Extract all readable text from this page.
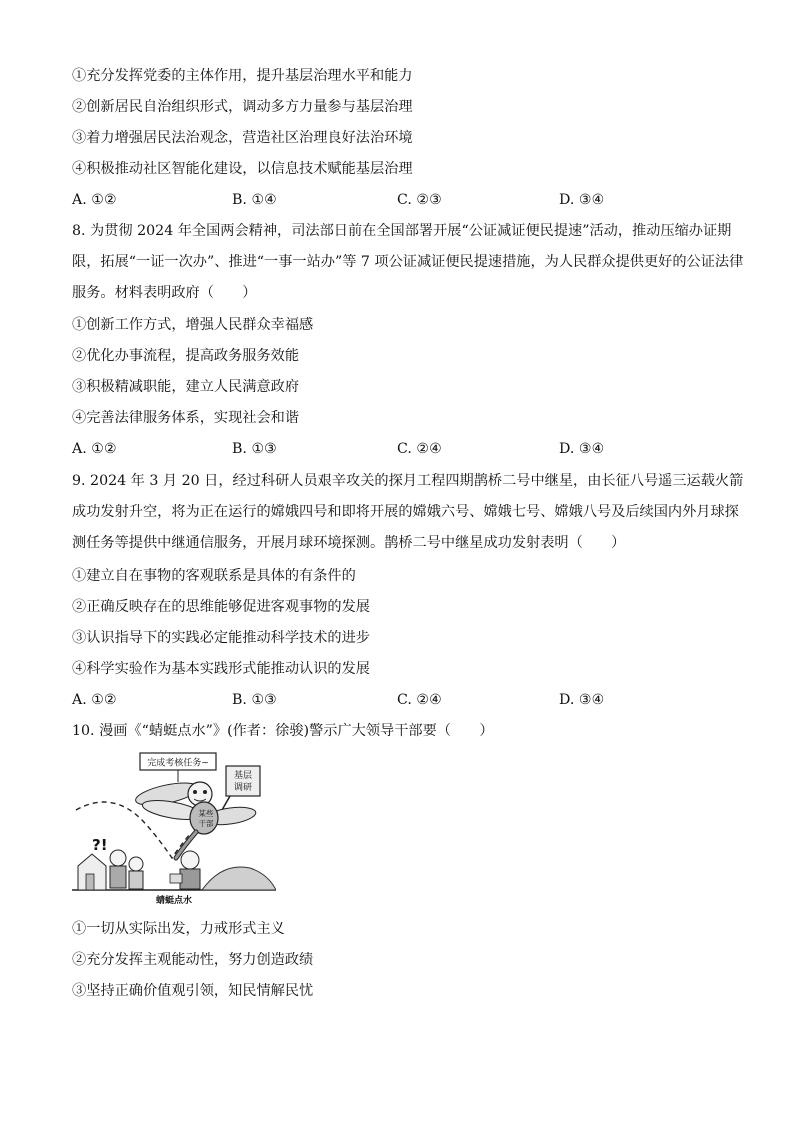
①充分发挥党委的主体作用，提升基层治理水平和能力
②创新居民自治组织形式，调动多方力量参与基层治理
③着力增强居民法治观念，营造社区治理良好法治环境
④积极推动社区智能化建设，以信息技术赋能基层治理
A. ①②	B. ①④	C. ②③	D. ③④
8. 为贯彻 2024 年全国两会精神，司法部日前在全国部署开展“公证减证便民提速”活动，推动压缩办证期限，拓展“一证一次办”、推进“一事一站办”等 7 项公证减证便民提速措施，为人民群众提供更好的公证法律服务。材料表明政府（　　）
①创新工作方式，增强人民群众幸福感
②优化办事流程，提高政务服务效能
③积极精减职能，建立人民满意政府
④完善法律服务体系，实现社会和谐
A. ①②	B. ①③	C. ②④	D. ③④
9. 2024 年 3 月 20 日，经过科研人员艰辛攻关的探月工程四期鹊桥二号中继星，由长征八号遥三运载火箭成功发射升空，将为正在运行的嫦娥四号和即将开展的嫦娥六号、嫦娥七号、嫦娥八号及后续国内外月球探测任务等提供中继通信服务，开展月球环境探测。鹊桥二号中继星成功发射表明（　　）
①建立自在事物的客观联系是具体的有条件的
②正确反映存在的思维能够促进客观事物的发展
③认识指导下的实践必定能推动科学技术的进步
④科学实验作为基本实践形式能推动认识的发展
A. ①②	B. ①③	C. ②④	D. ③④
10. 漫画《“蜻蜓点水”》(作者：徐骏)警示广大领导干部要（　　）
完成考核任务~
基层
调研
某些
干部
?!
蜻蜓点水
①一切从实际出发，力戒形式主义
②充分发挥主观能动性，努力创造政绩
③坚持正确价值观引领，知民情解民忧
